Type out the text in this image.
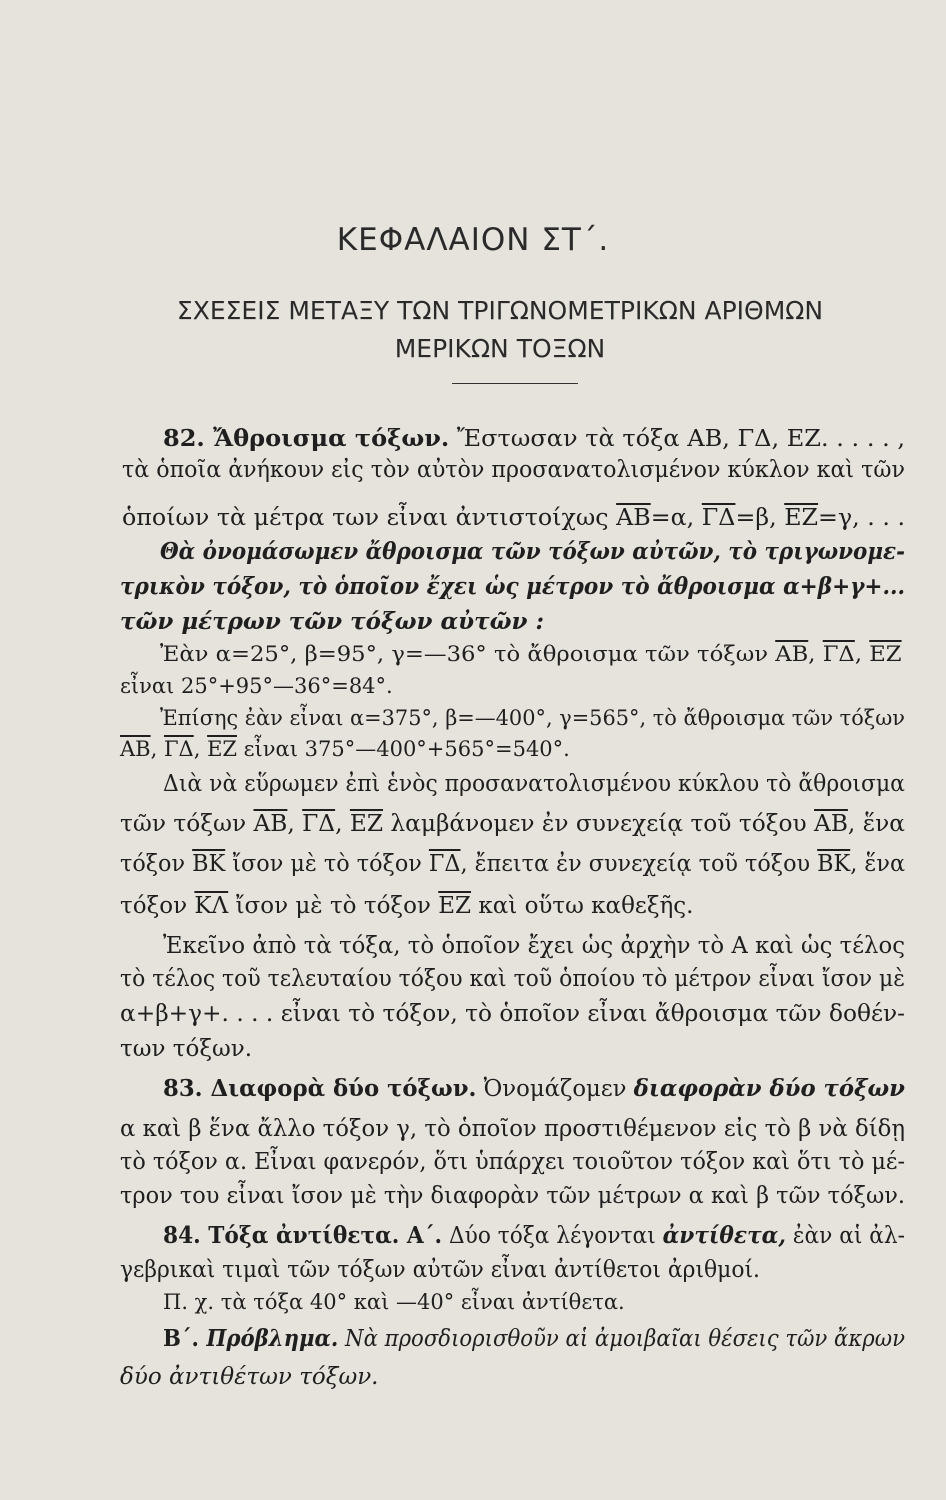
ΚΕΦΑΛΑΙΟΝ ΣΤ΄.
ΣΧΕΣΕΙΣ ΜΕΤΑΞΥ ΤΩΝ ΤΡΙΓΩΝΟΜΕΤΡΙΚΩΝ ΑΡΙΘΜΩΝ
ΜΕΡΙΚΩΝ ΤΟΞΩΝ
82. Ἄθροισμα τόξων. Ἔστωσαν τὰ τόξα ΑΒ, ΓΔ, ΕΖ. . . . . ,
τὰ ὁποῖα ἀνήκουν εἰς τὸν αὐτὸν προσανατολισμένον κύκλον καὶ τῶν
ὁποίων τὰ μέτρα των εἶναι ἀντιστοίχως $\overline{AB}=\alpha$, $\overline{\Gamma\Delta}=\beta$, $\overline{EZ}=\gamma$, . . .
Θὰ ὀνομάσωμεν ἄθροισμα τῶν τόξων αὐτῶν, τὸ τριγωνομε-
τρικὸν τόξον, τὸ ὁποῖον ἔχει ὡς μέτρον τὸ ἄθροισμα α+β+γ+...
τῶν μέτρων τῶν τόξων αὐτῶν :
Ἐὰν α=25°, β=95°, γ=—36° τὸ ἄθροισμα τῶν τόξων $\overline{AB}$, $\overline{\Gamma\Delta}$, $\overline{EZ}$
εἶναι 25°+95°—36°=84°.
Ἐπίσης ἐὰν εἶναι α=375°, β=—400°, γ=565°, τὸ ἄθροισμα τῶν τόξων
$\overline{AB}$, $\overline{\Gamma\Delta}$, $\overline{EZ}$ εἶναι 375°—400°+565°=540°.
Διὰ νὰ εὕρωμεν ἐπὶ ἑνὸς προσανατολισμένου κύκλου τὸ ἄθροισμα
τῶν τόξων $\overline{AB}$, $\overline{\Gamma\Delta}$, $\overline{EZ}$ λαμβάνομεν ἐν συνεχείᾳ τοῦ τόξου $\overline{AB}$, ἕνα
τόξον $\overline{BK}$ ἴσον μὲ τὸ τόξον $\overline{\Gamma\Delta}$, ἔπειτα ἐν συνεχείᾳ τοῦ τόξου $\overline{BK}$, ἕνα
τόξον $\overline{K\Lambda}$ ἴσον μὲ τὸ τόξον $\overline{EZ}$ καὶ οὕτω καθεξῆς.
Ἐκεῖνο ἀπὸ τὰ τόξα, τὸ ὁποῖον ἔχει ὡς ἀρχὴν τὸ Α καὶ ὡς τέλος
τὸ τέλος τοῦ τελευταίου τόξου καὶ τοῦ ὁποίου τὸ μέτρον εἶναι ἴσον μὲ
α+β+γ+. . . . εἶναι τὸ τόξον, τὸ ὁποῖον εἶναι ἄθροισμα τῶν δοθέν-
των τόξων.
83. Διαφορὰ δύο τόξων. Ὀνομάζομεν διαφορὰν δύο τόξων
α καὶ β ἕνα ἄλλο τόξον γ, τὸ ὁποῖον προστιθέμενον εἰς τὸ β νὰ δίδῃ
τὸ τόξον α. Εἶναι φανερόν, ὅτι ὑπάρχει τοιοῦτον τόξον καὶ ὅτι τὸ μέ-
τρον του εἶναι ἴσον μὲ τὴν διαφορὰν τῶν μέτρων α καὶ β τῶν τόξων.
84. Τόξα ἀντίθετα. Α΄. Δύο τόξα λέγονται ἀντίθετα, ἐὰν αἱ ἀλ-
γεβρικαὶ τιμαὶ τῶν τόξων αὐτῶν εἶναι ἀντίθετοι ἀριθμοί.
Π. χ. τὰ τόξα 40° καὶ —40° εἶναι ἀντίθετα.
Β΄. Πρόβλημα. Νὰ προσδιορισθοῦν αἱ ἀμοιβαῖαι θέσεις τῶν ἄκρων
δύο ἀντιθέτων τόξων.
